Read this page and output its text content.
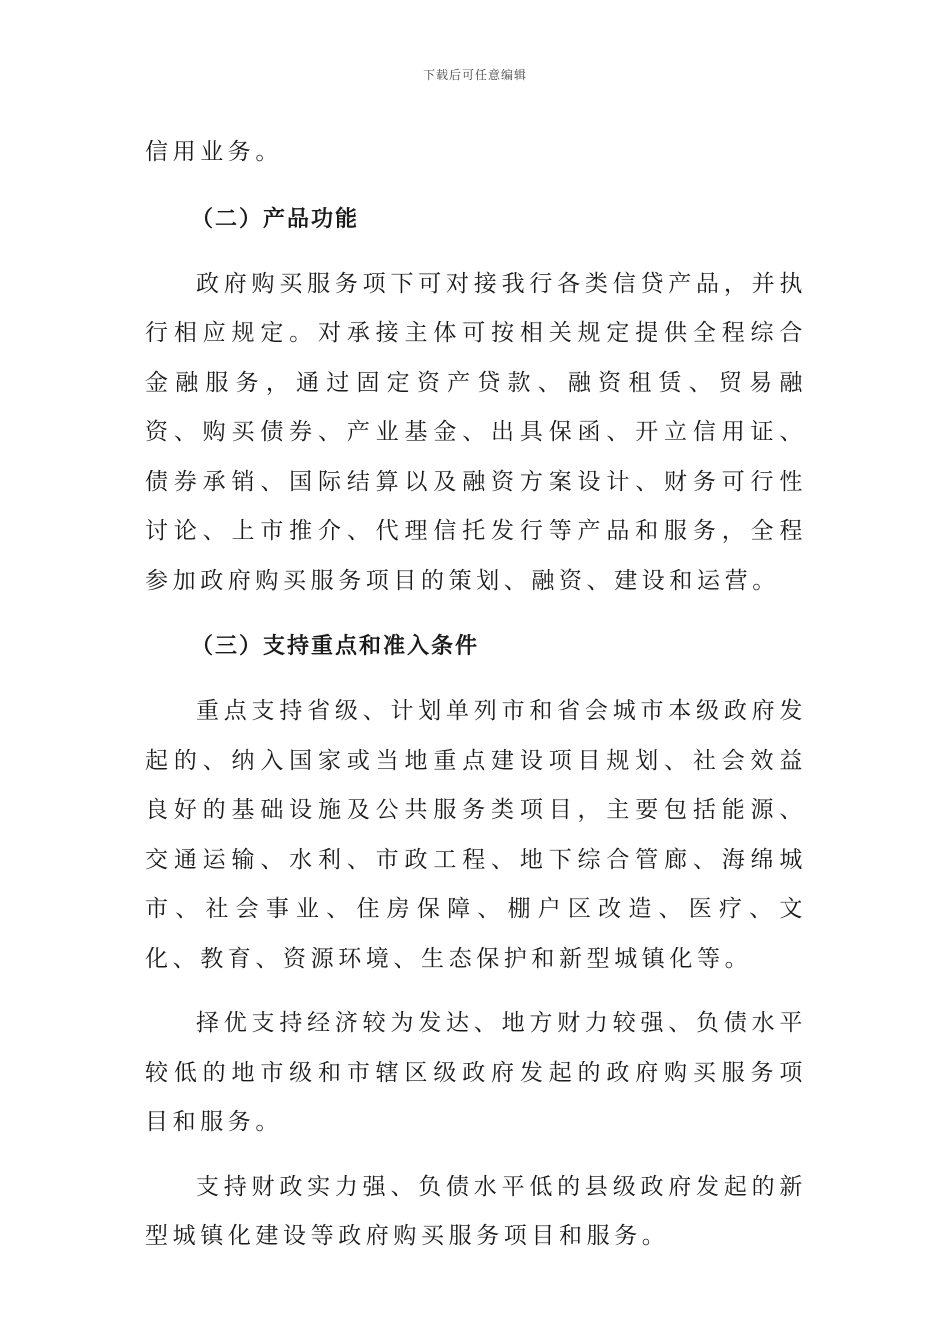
下载后可任意编辑

信用业务。

（二）产品功能

政府购买服务项下可对接我行各类信贷产品，并执行相应规定。对承接主体可按相关规定提供全程综合金融服务，通过固定资产贷款、融资租赁、贸易融资、购买债券、产业基金、出具保函、开立信用证、债券承销、国际结算以及融资方案设计、财务可行性讨论、上市推介、代理信托发行等产品和服务，全程参加政府购买服务项目的策划、融资、建设和运营。

（三）支持重点和准入条件

重点支持省级、计划单列市和省会城市本级政府发起的、纳入国家或当地重点建设项目规划、社会效益良好的基础设施及公共服务类项目，主要包括能源、交通运输、水利、市政工程、地下综合管廊、海绵城市、社会事业、住房保障、棚户区改造、医疗、文化、教育、资源环境、生态保护和新型城镇化等。

择优支持经济较为发达、地方财力较强、负债水平较低的地市级和市辖区级政府发起的政府购买服务项目和服务。

支持财政实力强、负债水平低的县级政府发起的新型城镇化建设等政府购买服务项目和服务。
